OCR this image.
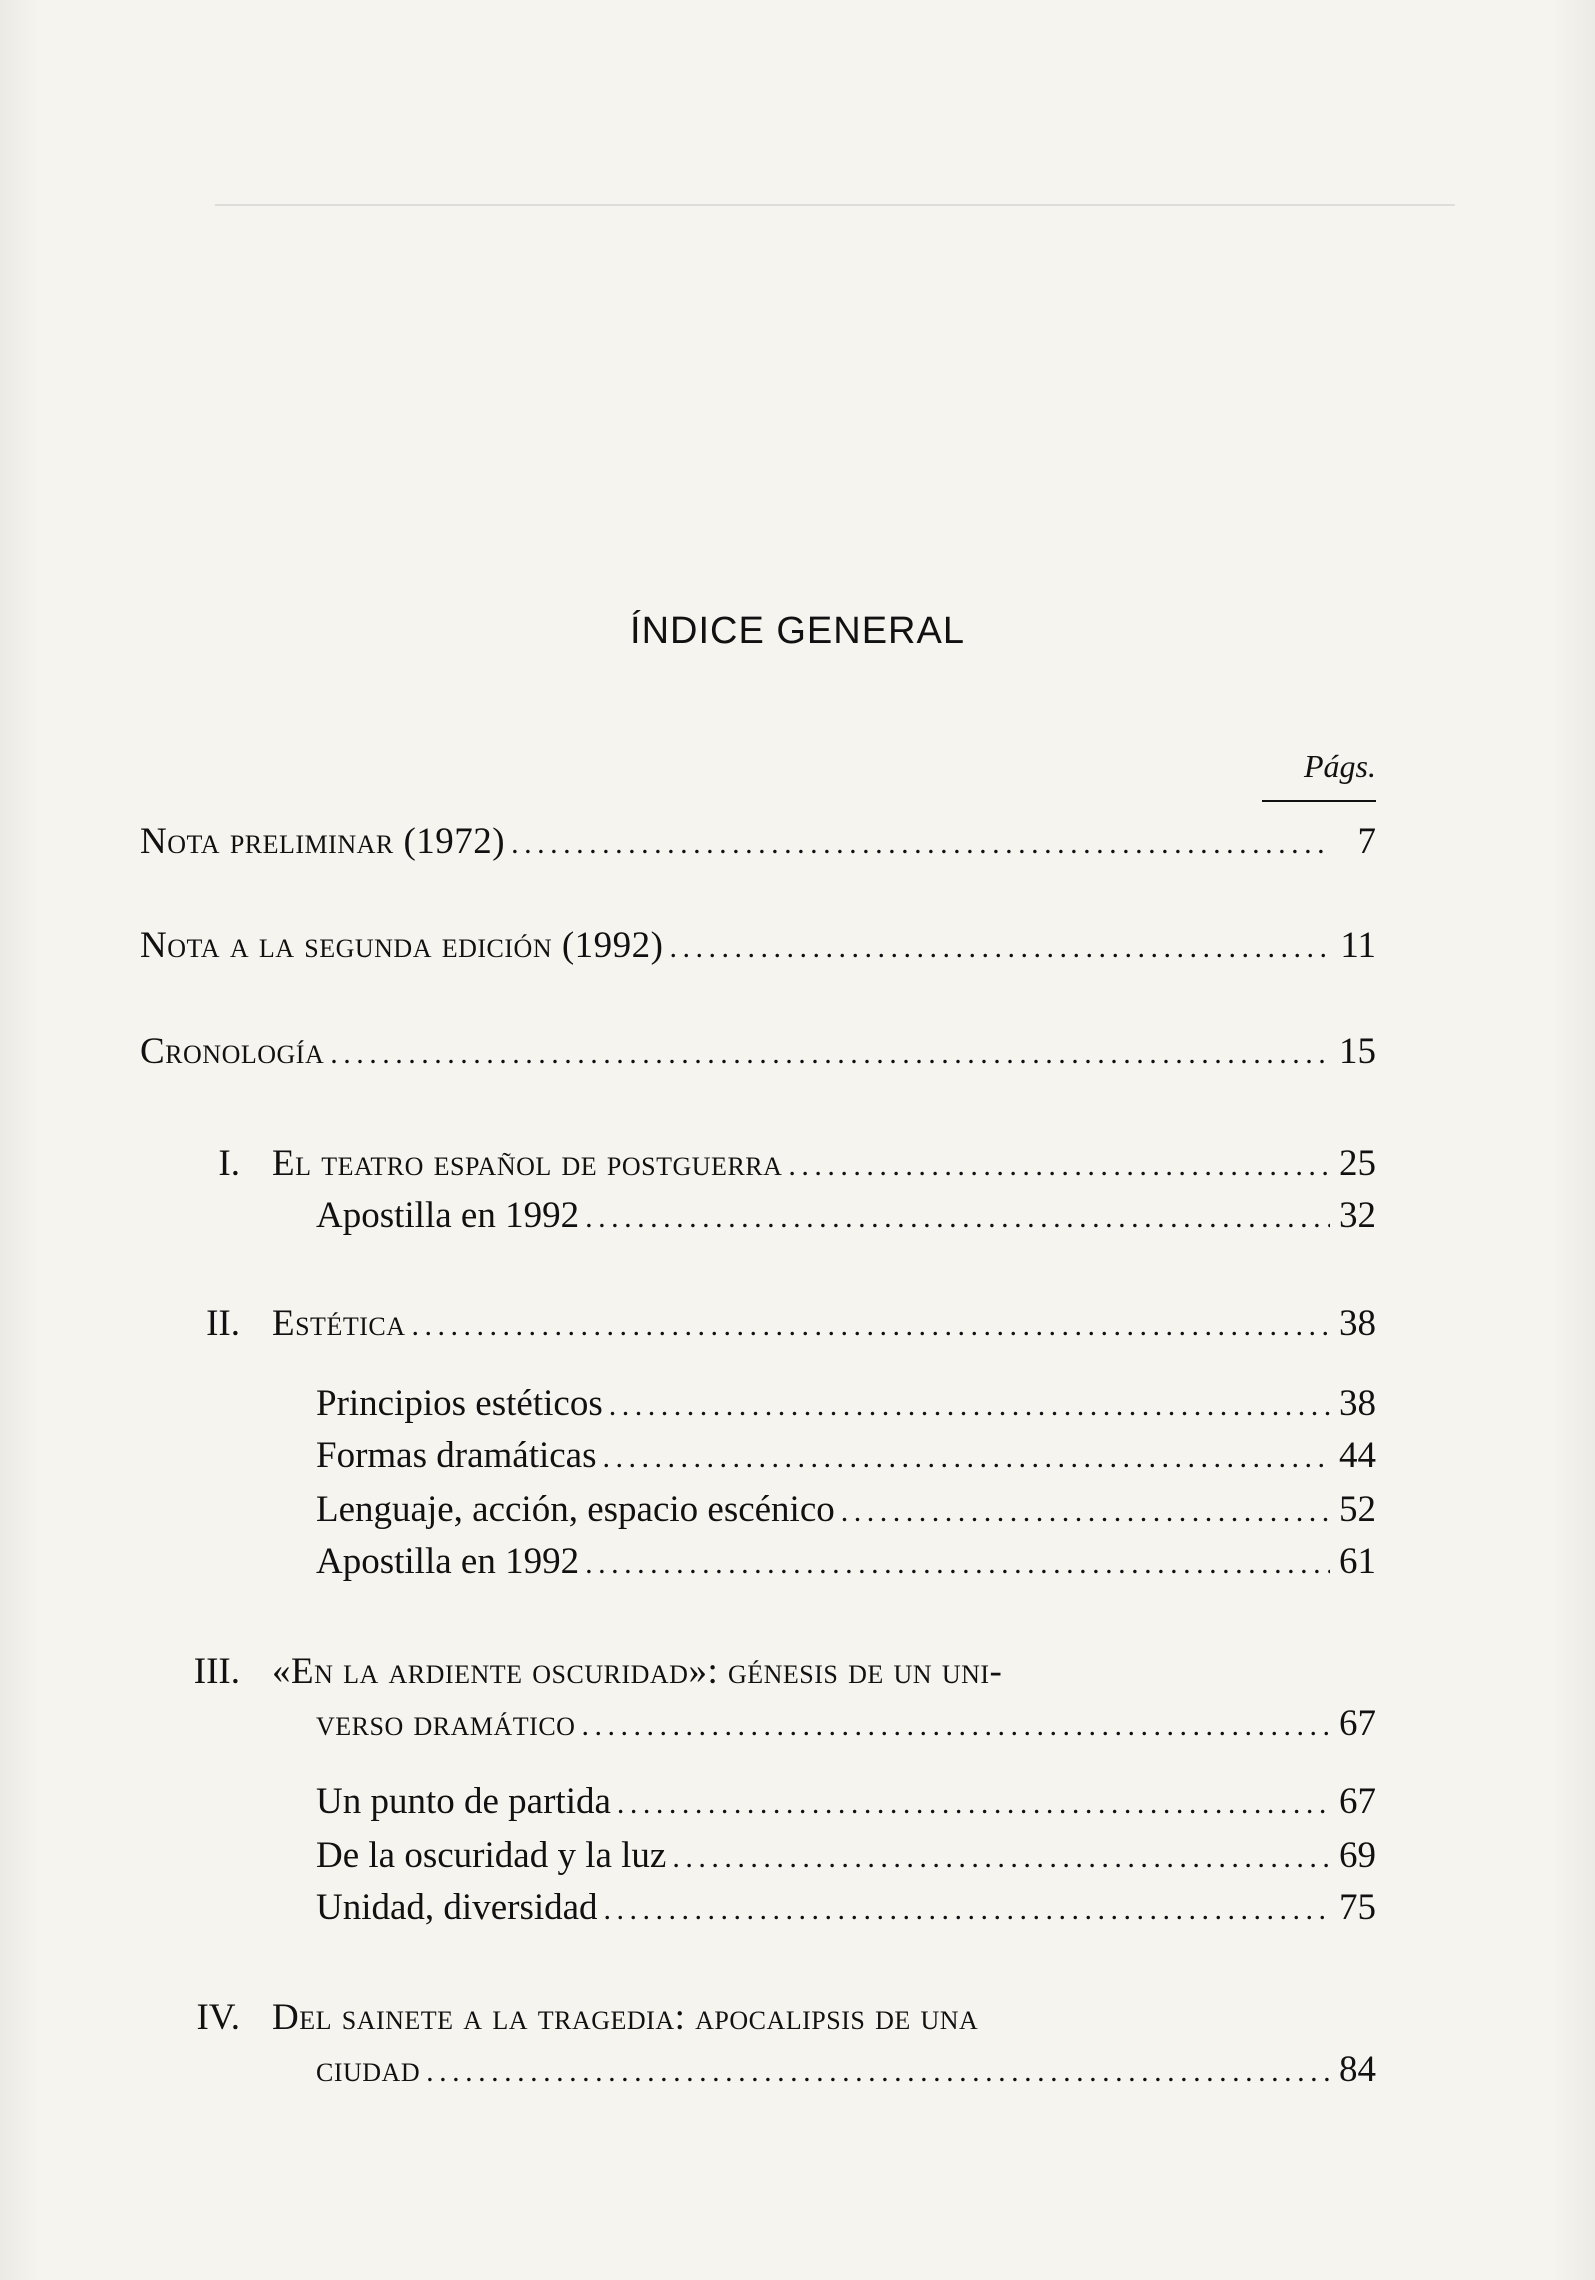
ÍNDICE GENERAL
Págs.
Nota preliminar (1972) . . .	7
Nota a la segunda edición (1992) . . .	11
Cronología . . .	15
I. El teatro español de postguerra . . .	25
Apostilla en 1992 . . .	32
II. Estética . . .	38
Principios estéticos . . .	38
Formas dramáticas . . .	44
Lenguaje, acción, espacio escénico . . .	52
Apostilla en 1992 . . .	61
III. «En la ardiente oscuridad»: génesis de un uni-
verso dramático . . .	67
Un punto de partida . . .	67
De la oscuridad y la luz . . .	69
Unidad, diversidad . . .	75
IV. Del sainete a la tragedia: apocalipsis de una
ciudad . . .	84
